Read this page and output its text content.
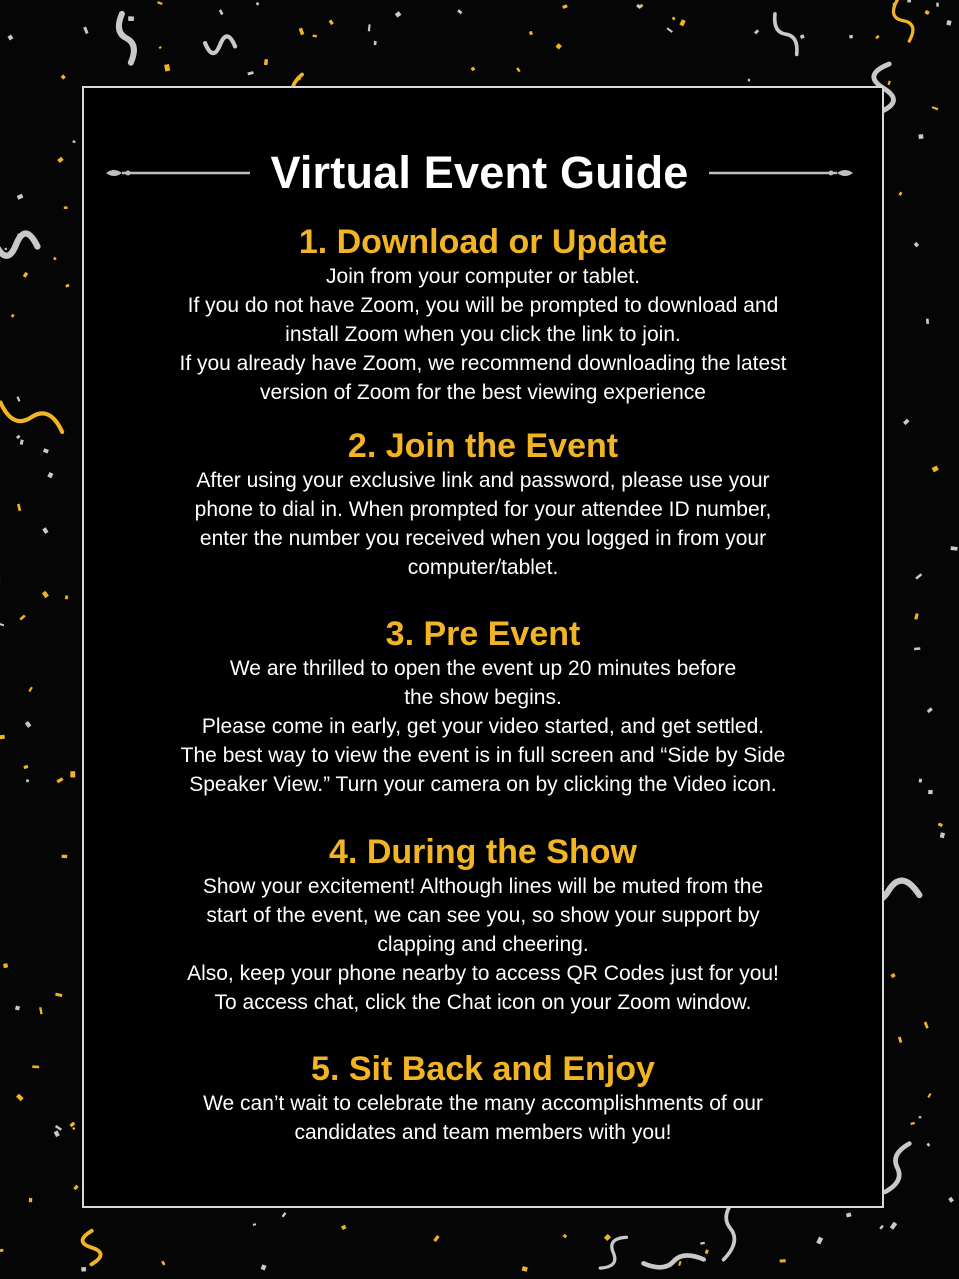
Virtual Event Guide
1. Download or Update

Join from your computer or tablet.

If you do not have Zoom, you will be prompted to download and

install Zoom when you click the link to join.

If you already have Zoom, we recommend downloading the latest

version of Zoom for the best viewing experience

2. Join the Event

After using your exclusive link and password, please use your

phone to dial in. When prompted for your attendee ID number,

enter the number you received when you logged in from your

computer/tablet.

3. Pre Event

We are thrilled to open the event up 20 minutes before

the show begins.

Please come in early, get your video started, and get settled.

The best way to view the event is in full screen and “Side by Side

Speaker View.” Turn your camera on by clicking the Video icon.

4. During the Show

Show your excitement! Although lines will be muted from the

start of the event, we can see you, so show your support by

clapping and cheering.

Also, keep your phone nearby to access QR Codes just for you!

To access chat, click the Chat icon on your Zoom window.

5. Sit Back and Enjoy

We can’t wait to celebrate the many accomplishments of our

candidates and team members with you!
